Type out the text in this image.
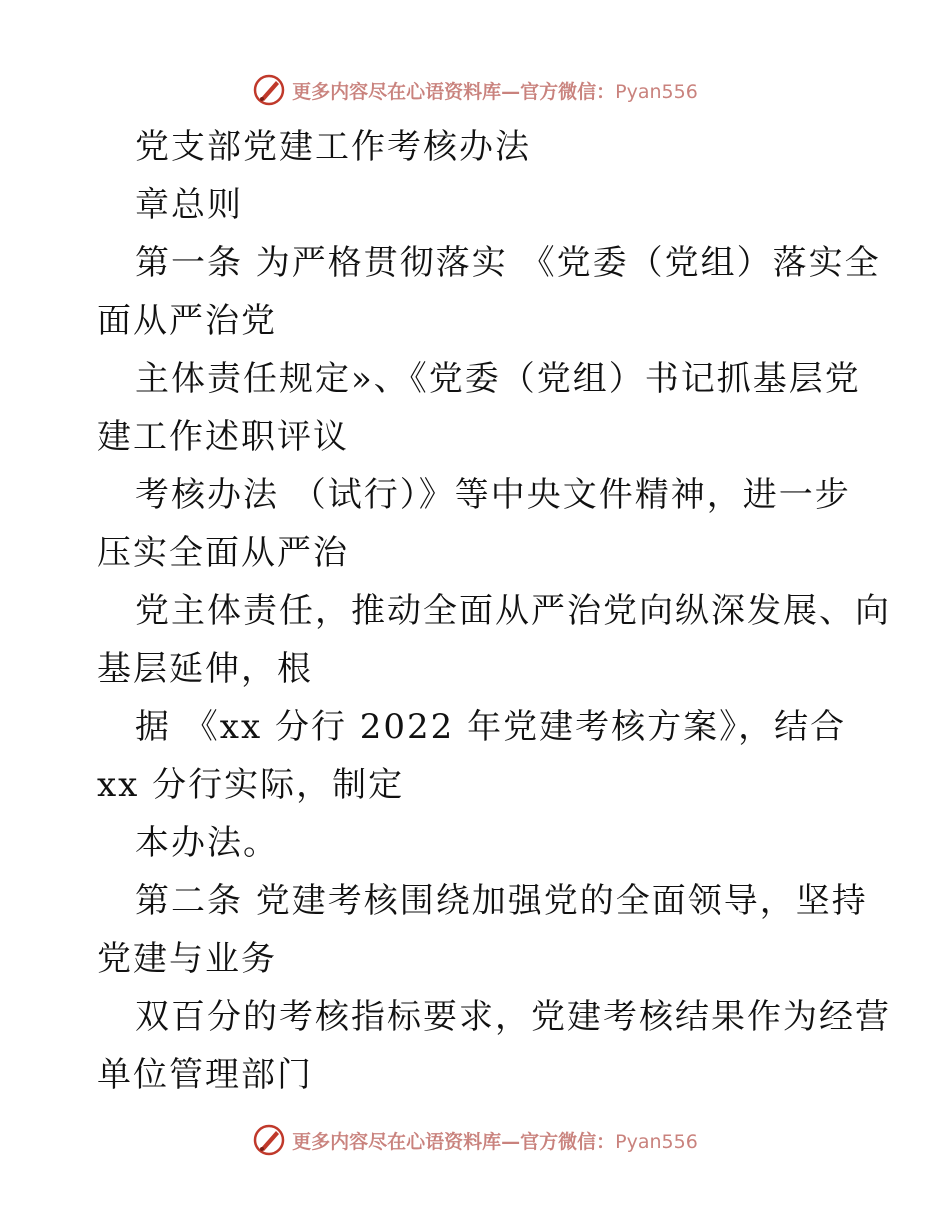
更多内容尽在心语资料库—官方微信：Pyan556
党支部党建工作考核办法
章总则
第一条 为严格贯彻落实 《党委（党组）落实全
面从严治党
主体责任规定»、《党委（党组）书记抓基层党
建工作述职评议
考核办法 （试行）》等中央文件精神，进一步
压实全面从严治
党主体责任，推动全面从严治党向纵深发展、向
基层延伸，根
据 《xx 分行 2022 年党建考核方案》，结合
xx 分行实际，制定
本办法。
第二条 党建考核围绕加强党的全面领导，坚持
党建与业务
双百分的考核指标要求，党建考核结果作为经营
单位管理部门
更多内容尽在心语资料库—官方微信：Pyan556
